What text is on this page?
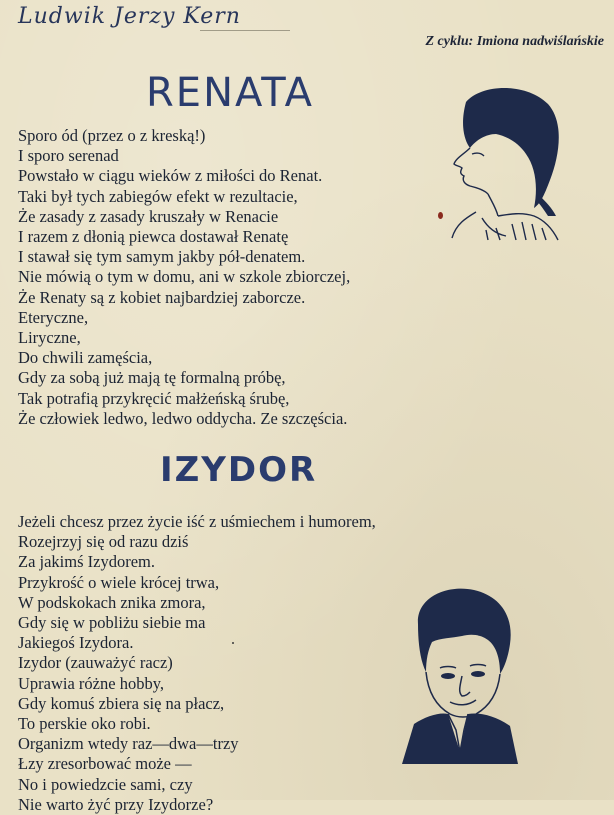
Ludwik Jerzy Kern
Z cyklu: Imiona nadwiślańskie
RENATA
Sporo ód (przez o z kreską!)
I sporo serenad
Powstało w ciągu wieków z miłości do Renat.
Taki był tych zabiegów efekt w rezultacie,
Że zasady z zasady kruszały w Renacie
I razem z dłonią piewca dostawał Renatę
I stawał się tym samym jakby pół-denatem.
Nie mówią o tym w domu, ani w szkole zbiorczej,
Że Renaty są z kobiet najbardziej zaborcze.
Eteryczne,
Liryczne,
Do chwili zamęścia,
Gdy za sobą już mają tę formalną próbę,
Tak potrafią przykręcić małżeńską śrubę,
Że człowiek ledwo, ledwo oddycha. Ze szczęścia.
IZYDOR
Jeżeli chcesz przez życie iść z uśmiechem i humorem,
Rozejrzyj się od razu dziś
Za jakimś Izydorem.
Przykrość o wiele krócej trwa,
W podskokach znika zmora,
Gdy się w pobliżu siebie ma
Jakiegoś Izydora.
Izydor (zauważyć racz)
Uprawia różne hobby,
Gdy komuś zbiera się na płacz,
To perskie oko robi.
Organizm wtedy raz—dwa—trzy
Łzy zresorbować może —
No i powiedzcie sami, czy
Nie warto żyć przy Izydorze?
